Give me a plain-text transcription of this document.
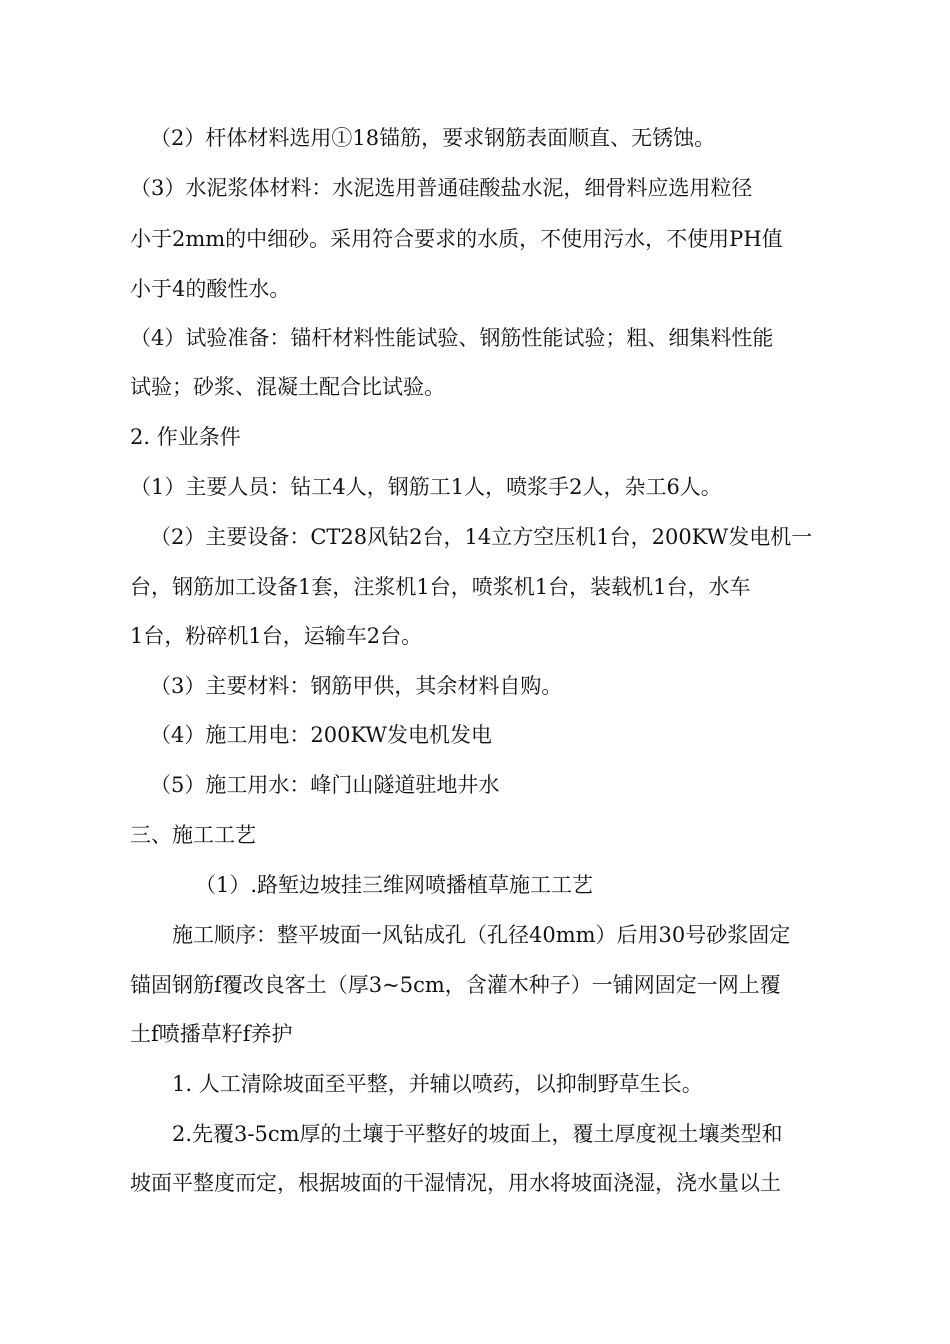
（2）杆体材料选用①18锚筋，要求钢筋表面顺直、无锈蚀。
（3）水泥浆体材料：水泥选用普通硅酸盐水泥，细骨料应选用粒径
小于2mm的中细砂。采用符合要求的水质，不使用污水，不使用PH值
小于4的酸性水。
（4）试验准备：锚杆材料性能试验、钢筋性能试验；粗、细集料性能
试验；砂浆、混凝土配合比试验。
2. 作业条件
（1）主要人员：钻工4人，钢筋工1人，喷浆手2人，杂工6人。
（2）主要设备：CT28风钻2台，14立方空压机1台，200KW发电机一
台，钢筋加工设备1套，注浆机1台，喷浆机1台，装载机1台，水车
1台，粉碎机1台，运输车2台。
（3）主要材料：钢筋甲供，其余材料自购。
（4）施工用电：200KW发电机发电
（5）施工用水：峰门山隧道驻地井水
三、施工工艺
（1）.路堑边坡挂三维网喷播植草施工工艺
施工顺序：整平坡面一风钻成孔（孔径40mm）后用30号砂浆固定
锚固钢筋f覆改良客土（厚3~5cm，含灌木种子）一铺网固定一网上覆
土f喷播草籽f养护
1. 人工清除坡面至平整，并辅以喷药，以抑制野草生长。
2.先覆3-5cm厚的土壤于平整好的坡面上，覆土厚度视土壤类型和
坡面平整度而定，根据坡面的干湿情况，用水将坡面浇湿，浇水量以土
